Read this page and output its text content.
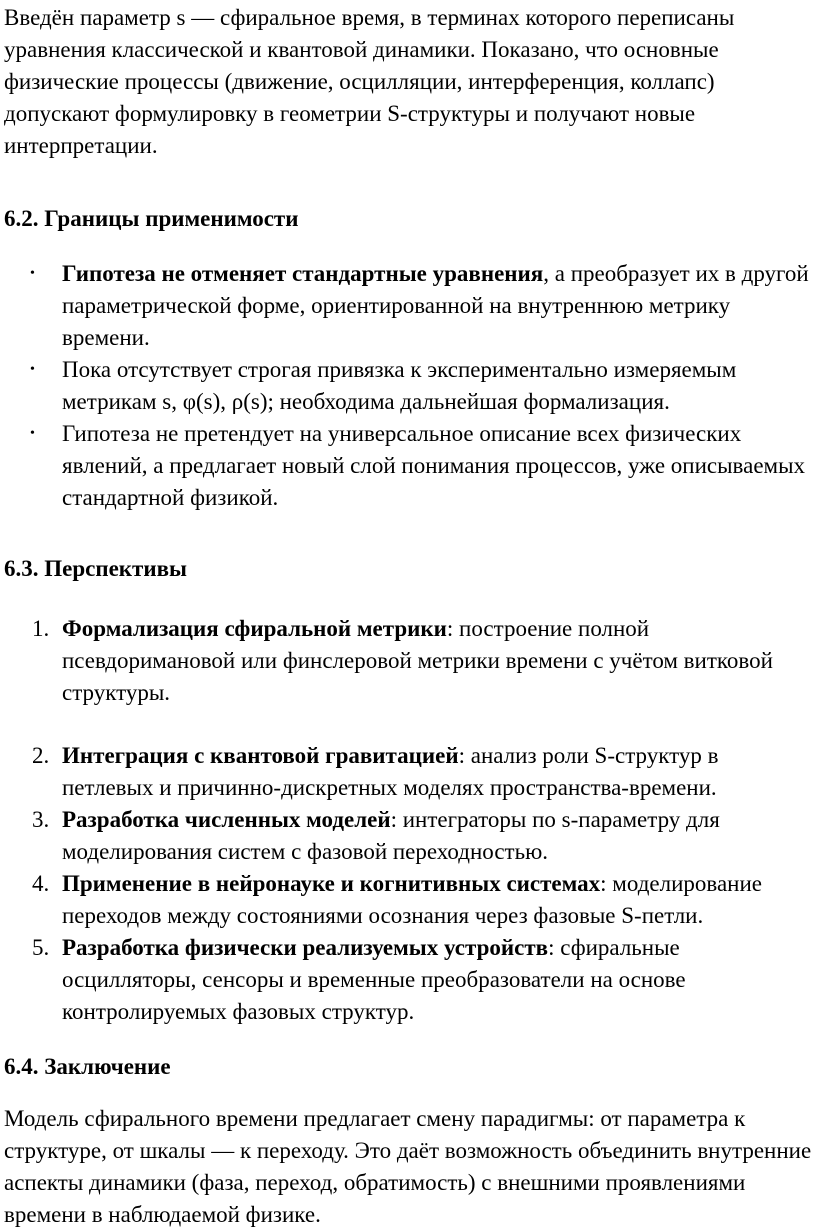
Введён параметр s — сфиральное время, в терминах которого переписаны уравнения классической и квантовой динамики. Показано, что основные физические процессы (движение, осцилляции, интерференция, коллапс) допускают формулировку в геометрии S-структуры и получают новые интерпретации.

6.2. Границы применимости
• Гипотеза не отменяет стандартные уравнения, а преобразует их в другой параметрической форме, ориентированной на внутреннюю метрику времени.
• Пока отсутствует строгая привязка к экспериментально измеряемым метрикам s, φ(s), ρ(s); необходима дальнейшая формализация.
• Гипотеза не претендует на универсальное описание всех физических явлений, а предлагает новый слой понимания процессов, уже описываемых стандартной физикой.
6.3. Перспективы
1. Формализация сфиральной метрики: построение полной псевдоримановой или финслеровой метрики времени с учётом витковой структуры.
2. Интеграция с квантовой гравитацией: анализ роли S-структур в петлевых и причинно-дискретных моделях пространства-времени.
3. Разработка численных моделей: интеграторы по s-параметру для моделирования систем с фазовой переходностью.
4. Применение в нейронауке и когнитивных системах: моделирование переходов между состояниями осознания через фазовые S-петли.
5. Разработка физически реализуемых устройств: сфиральные осцилляторы, сенсоры и временные преобразователи на основе контролируемых фазовых структур.
6.4. Заключение

Модель сфирального времени предлагает смену парадигмы: от параметра к структуре, от шкалы — к переходу. Это даёт возможность объединить внутренние аспекты динамики (фаза, переход, обратимость) с внешними проявлениями времени в наблюдаемой физике.
